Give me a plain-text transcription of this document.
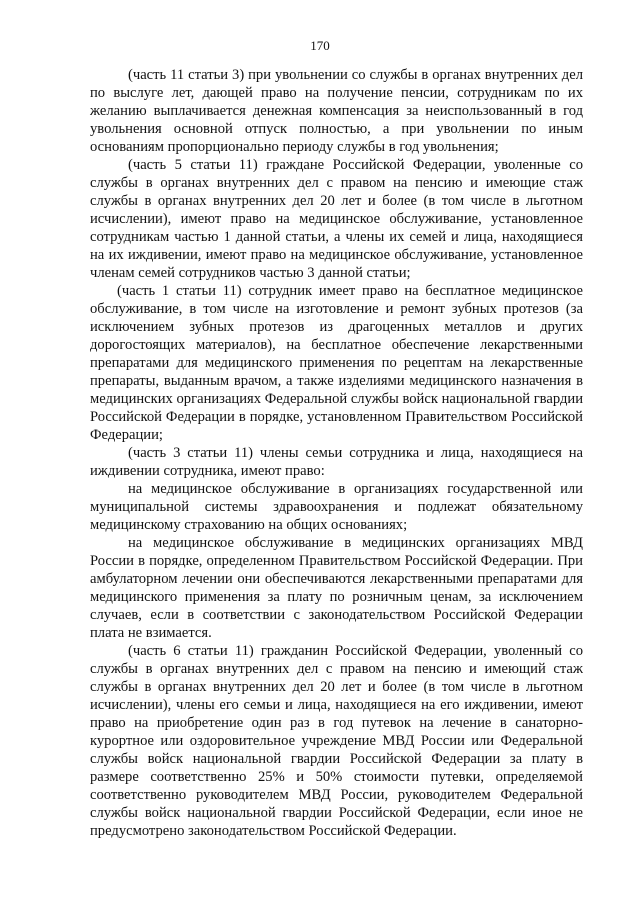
170

(часть 11 статьи 3) при увольнении со службы в органах внутренних дел по выслуге лет, дающей право на получение пенсии, сотрудникам по их желанию выплачивается денежная компенсация за неиспользованный в год увольнения основной отпуск полностью, а при увольнении по иным основаниям пропорционально периоду службы в год увольнения;

(часть 5 статьи 11) граждане Российской Федерации, уволенные со службы в органах внутренних дел с правом на пенсию и имеющие стаж службы в органах внутренних дел 20 лет и более (в том числе в льготном исчислении), имеют право на медицинское обслуживание, установленное сотрудникам частью 1 данной статьи, а члены их семей и лица, находящиеся на их иждивении, имеют право на медицинское обслуживание, установленное членам семей сотрудников частью 3 данной статьи;

(часть 1 статьи 11) сотрудник имеет право на бесплатное медицинское обслуживание, в том числе на изготовление и ремонт зубных протезов (за исключением зубных протезов из драгоценных металлов и других дорогостоящих материалов), на бесплатное обеспечение лекарственными препаратами для медицинского применения по рецептам на лекарственные препараты, выданным врачом, а также изделиями медицинского назначения в медицинских организациях Федеральной службы войск национальной гвардии Российской Федерации в порядке, установленном Правительством Российской Федерации;

(часть 3 статьи 11) члены семьи сотрудника и лица, находящиеся на иждивении сотрудника, имеют право:

на медицинское обслуживание в организациях государственной или муниципальной системы здравоохранения и подлежат обязательному медицинскому страхованию на общих основаниях;

на медицинское обслуживание в медицинских организациях МВД России в порядке, определенном Правительством Российской Федерации. При амбулаторном лечении они обеспечиваются лекарственными препаратами для медицинского применения за плату по розничным ценам, за исключением случаев, если в соответствии с законодательством Российской Федерации плата не взимается.

(часть 6 статьи 11) гражданин Российской Федерации, уволенный со службы в органах внутренних дел с правом на пенсию и имеющий стаж службы в органах внутренних дел 20 лет и более (в том числе в льготном исчислении), члены его семьи и лица, находящиеся на его иждивении, имеют право на приобретение один раз в год путевок на лечение в санаторно-курортное или оздоровительное учреждение МВД России или Федеральной службы войск национальной гвардии Российской Федерации за плату в размере соответственно 25% и 50% стоимости путевки, определяемой соответственно руководителем МВД России, руководителем Федеральной службы войск национальной гвардии Российской Федерации, если иное не предусмотрено законодательством Российской Федерации.
